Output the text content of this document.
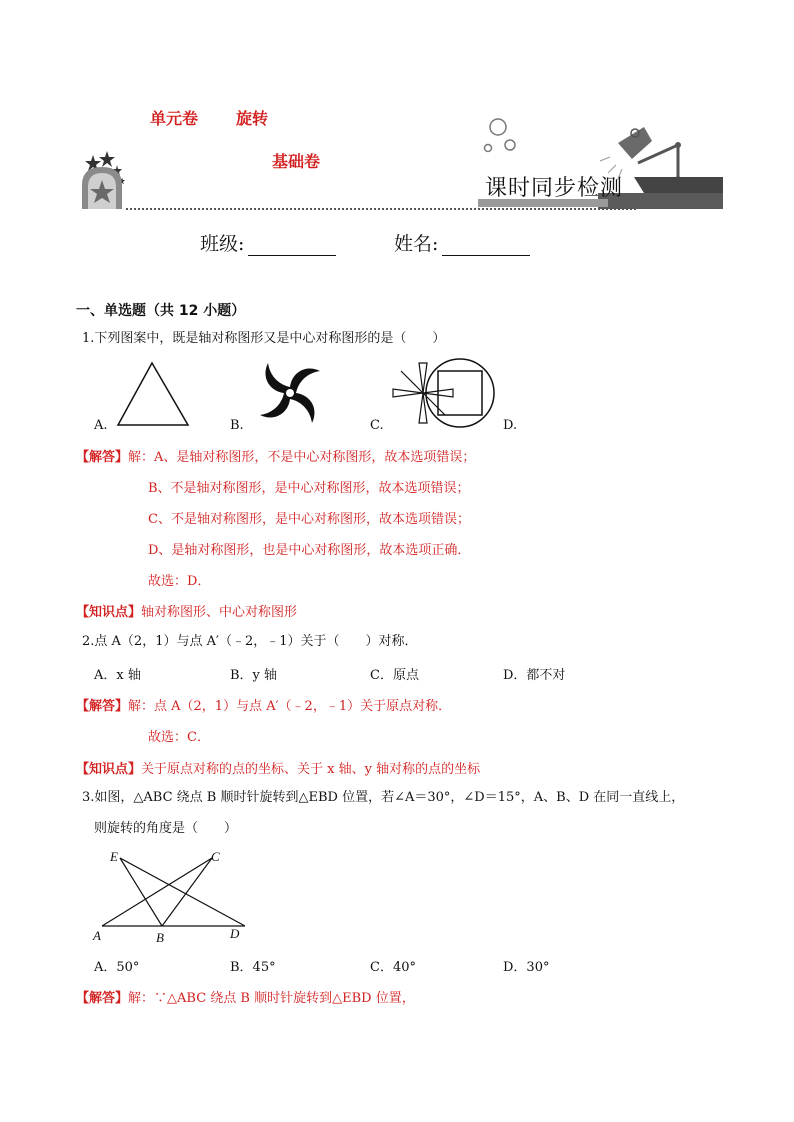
单元卷 旋转
基础卷
课时同步检测
班级:	姓名:
一、单选题（共 12 小题）
1.下列图案中，既是轴对称图形又是中心对称图形的是（　　）
A.	B.	C.	D.
【解答】解：A、是轴对称图形，不是中心对称图形，故本选项错误；
B、不是轴对称图形，是中心对称图形，故本选项错误；
C、不是轴对称图形，是中心对称图形，故本选项错误；
D、是轴对称图形，也是中心对称图形，故本选项正确．
故选：D．
【知识点】轴对称图形、中心对称图形
2.点 A（2，1）与点 A′（﹣2，﹣1）关于（　　）对称．
A．x 轴	B．y 轴	C．原点	D．都不对
【解答】解：点 A（2，1）与点 A′（﹣2，﹣1）关于原点对称．
故选：C．
【知识点】关于原点对称的点的坐标、关于 x 轴、y 轴对称的点的坐标
3.如图，△ABC 绕点 B 顺时针旋转到△EBD 位置，若∠A＝30°，∠D＝15°，A、B、D 在同一直线上，
则旋转的角度是（　　）
E	C
A	B	D
A．50°	B．45°	C．40°	D．30°
【解答】解：∵△ABC 绕点 B 顺时针旋转到△EBD 位置，
